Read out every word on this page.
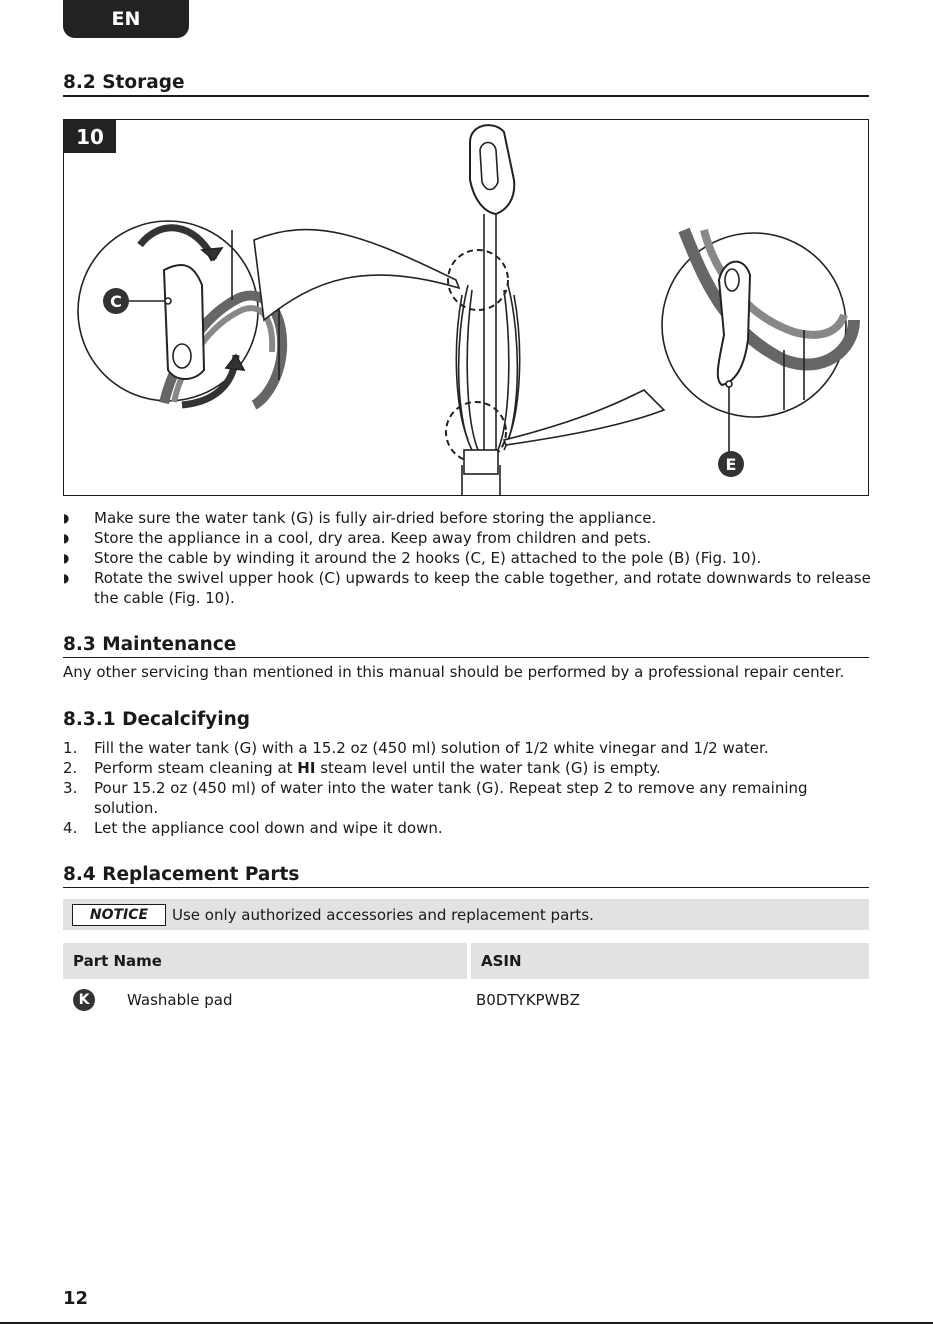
EN
8.2 Storage
C
E
10
◗ Make sure the water tank (G) is fully air-dried before storing the appliance.
◗ Store the appliance in a cool, dry area. Keep away from children and pets.
◗ Store the cable by winding it around the 2 hooks (C, E) attached to the pole (B) (Fig. 10).
◗ Rotate the swivel upper hook (C) upwards to keep the cable together, and rotate downwards to release the cable (Fig. 10).
8.3 Maintenance
Any other servicing than mentioned in this manual should be performed by a professional repair center.
8.3.1 Decalcifying
1. Fill the water tank (G) with a 15.2 oz (450 ml) solution of 1/2 white vinegar and 1/2 water.
2. Perform steam cleaning at HI steam level until the water tank (G) is empty.
3. Pour 15.2 oz (450 ml) of water into the water tank (G). Repeat step 2 to remove any remaining solution.
4. Let the appliance cool down and wipe it down.
8.4 Replacement Parts
NOTICE	Use only authorized accessories and replacement parts.
Part Name	ASIN
K	Washable pad	B0DTYKPWBZ
12
